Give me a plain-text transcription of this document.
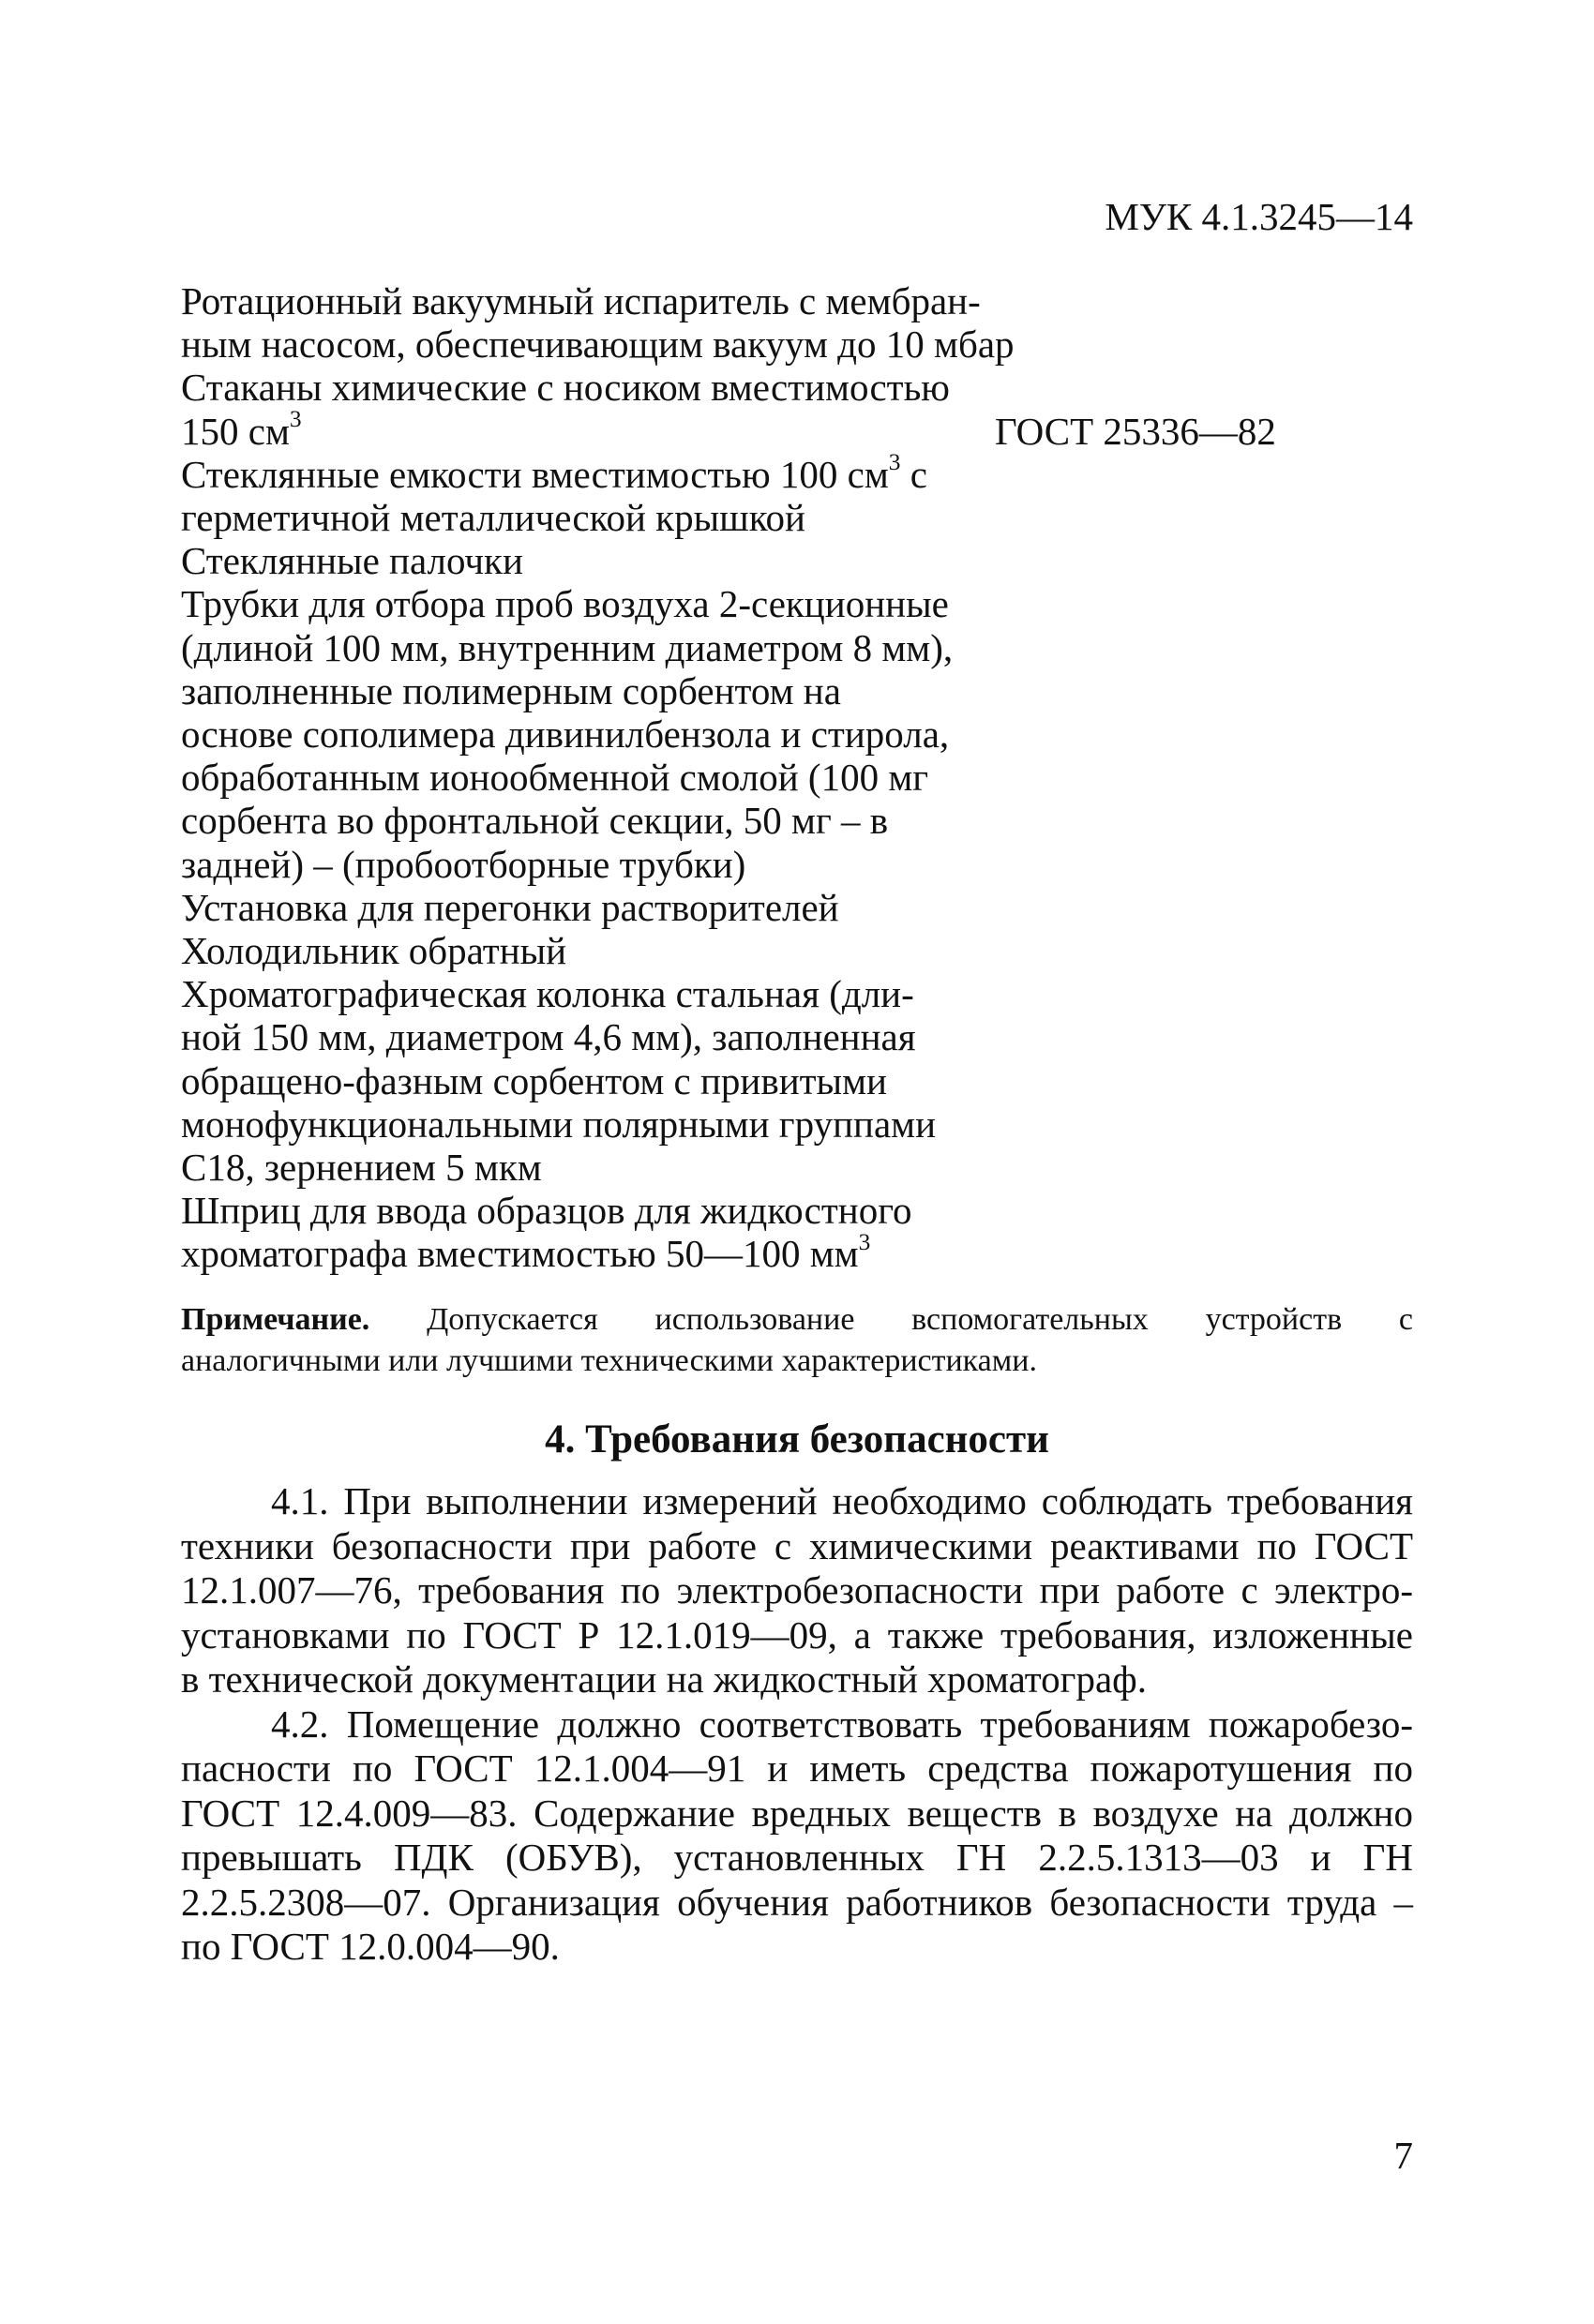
МУК 4.1.3245—14
Ротационный вакуумный испаритель с мембран-
ным насосом, обеспечивающим вакуум до 10 мбар
Стаканы химические с носиком вместимостью
150 $см^3$	ГОСТ 25336—82
Стеклянные емкости вместимостью 100 $см^3$ с
герметичной металлической крышкой
Стеклянные палочки
Трубки для отбора проб воздуха 2-секционные
(длиной 100 мм, внутренним диаметром 8 мм),
заполненные полимерным сорбентом на
основе сополимера дивинилбензола и стирола,
обработанным ионообменной смолой (100 мг
сорбента во фронтальной секции, 50 мг – в
задней) – (пробоотборные трубки)
Установка для перегонки растворителей
Холодильник обратный
Хроматографическая колонка стальная (дли-
ной 150 мм, диаметром 4,6 мм), заполненная
обращено-фазным сорбентом с привитыми
монофункциональными полярными группами
C18, зернением 5 мкм
Шприц для ввода образцов для жидкостного
хроматографа вместимостью 50—100 $мм^3$
Примечание. Допускается использование вспомогательных устройств с
аналогичными или лучшими техническими характеристиками.
4. Требования безопасности
4.1. При выполнении измерений необходимо соблюдать требования
техники безопасности при работе с химическими реактивами по ГОСТ
12.1.007—76, требования по электробезопасности при работе с электро-
установками по ГОСТ Р 12.1.019—09, а также требования, изложенные
в технической документации на жидкостный хроматограф.
4.2. Помещение должно соответствовать требованиям пожаробезо-
пасности по ГОСТ 12.1.004—91 и иметь средства пожаротушения по
ГОСТ 12.4.009—83. Содержание вредных веществ в воздухе на должно
превышать ПДК (ОБУВ), установленных ГН 2.2.5.1313—03 и ГН
2.2.5.2308—07. Организация обучения работников безопасности труда –
по ГОСТ 12.0.004—90.
7
